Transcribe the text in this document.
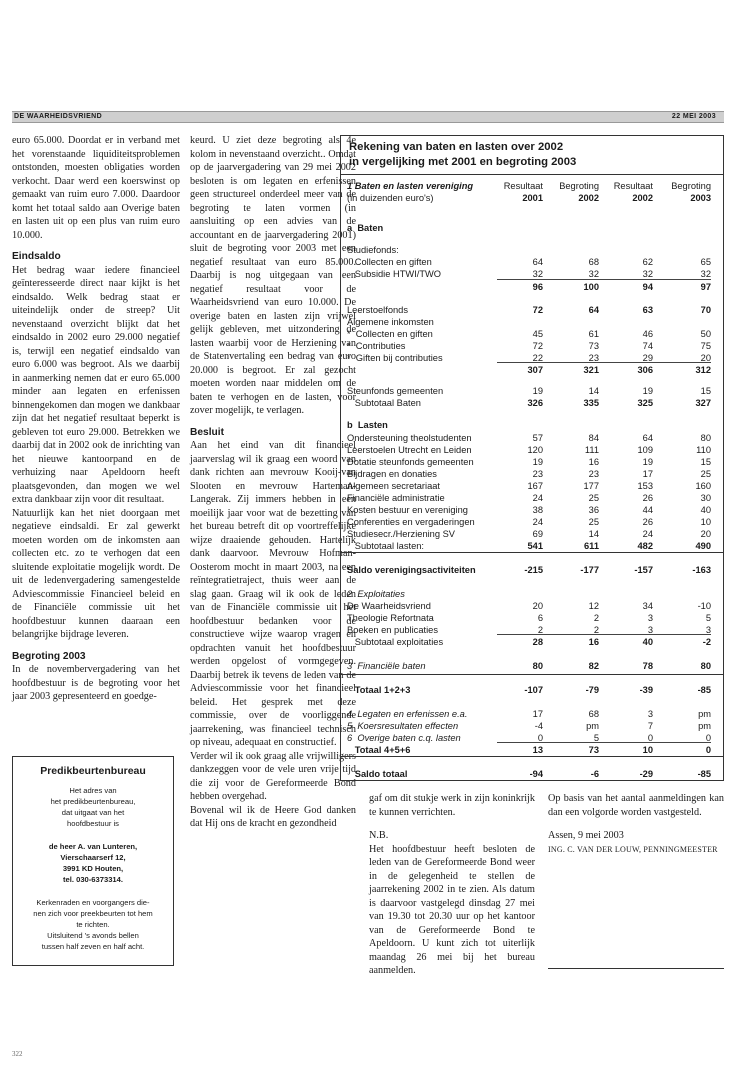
DE WAARHEIDSVRIEND	22 MEI 2003

euro 65.000. Doordat er in verband met het vorenstaande liquiditeitsproblemen ontstonden, moesten obligaties worden verkocht. Daar werd een koerswinst op gemaakt van ruim euro 7.000. Daardoor komt het totaal saldo aan Overige baten en lasten uit op een plus van ruim euro 10.000.

Eindsaldo

Het bedrag waar iedere financieel geïnteresseerde direct naar kijkt is het eindsaldo. Welk bedrag staat er uiteindelijk onder de streep? Uit nevenstaand overzicht blijkt dat het eindsaldo in 2002 euro 29.000 negatief is, terwijl een negatief eindsaldo van euro 6.000 was begroot. Als we daarbij in aanmerking nemen dat er euro 65.000 minder aan legaten en erfenissen binnengekomen dan mogen we dankbaar zijn dat het negatief resultaat beperkt is gebleven tot euro 29.000. Betrekken we daarbij dat in 2002 ook de inrichting van het nieuwe kantoorpand en de verhuizing naar Apeldoorn heeft plaatsgevonden, dan mogen we wel extra dankbaar zijn voor dit resultaat.

Natuurlijk kan het niet doorgaan met negatieve eindsaldi. Er zal gewerkt moeten worden om de inkomsten aan collecten etc. zo te verhogen dat een sluitende exploitatie mogelijk wordt. De uit de ledenvergadering samengestelde Adviescommissie Financieel beleid en de Financiële commissie uit het hoofdbestuur kunnen daaraan een belangrijke bijdrage leveren.

Begroting 2003

In de novembervergadering van het hoofdbestuur is de begroting voor het jaar 2003 gepresenteerd en goedge-

keurd. U ziet deze begroting als 4e kolom in nevenstaand overzicht.. Omdat op de jaarvergadering van 29 mei 2002 besloten is om legaten en erfenissen geen structureel onderdeel meer van de begroting te laten vormen (in aansluiting op een advies van de accountant en de jaarvergadering 2001) sluit de begroting voor 2003 met een negatief resultaat van euro 85.000. Daarbij is nog uitgegaan van een negatief resultaat voor de Waarheidsvriend van euro 10.000. De overige baten en lasten zijn vrijwel gelijk gebleven, met uitzondering de lasten waarbij voor de Herziening van de Statenvertaling een bedrag van euro 20.000 is begroot. Er zal gezocht moeten worden naar middelen om de baten te verhogen en de lasten, voor zover mogelijk, te verlagen.

Besluit

Aan het eind van dit financieel jaarverslag wil ik graag een woord van dank richten aan mevrouw Kooij-van Slooten en mevrouw Harteman-Langerak. Zij immers hebben in een moeilijk jaar voor wat de bezetting van het bureau betreft dit op voortreffelijke wijze draaiende gehouden. Hartelijk dank daarvoor. Mevrouw Hofman-Oosterom mocht in maart 2003, na een reïntegratietraject, thuis weer aan de slag gaan. Graag wil ik ook de leden van de Financiële commissie uit het hoofdbestuur bedanken voor de constructieve wijze waarop vragen en opdrachten vanuit het hoofdbestuur werden opgelost of vormgegeven. Daarbij betrek ik tevens de leden van de Adviescommissie voor het financieel beleid. Het gesprek met deze commissie, over de voorliggende jaarrekening, was financieel technisch op niveau, adequaat en constructief.

Verder wil ik ook graag alle vrijwilligers dankzeggen voor de vele uren vrije tijd die zij voor de Gereformeerde Bond hebben overgehad.

Bovenal wil ik de Heere God danken dat Hij ons de kracht en gezondheid

gaf om dit stukje werk in zijn koninkrijk te kunnen verrichten.

N.B.

Het hoofdbestuur heeft besloten de leden van de Gereformeerde Bond weer in de gelegenheid te stellen de jaarrekening 2002 in te zien. Als datum is daarvoor vastgelegd dinsdag 27 mei van 19.30 tot 20.30 uur op het kantoor van de Gereformeerde Bond te Apeldoorn. U kunt zich tot uiterlijk maandag 26 mei bij het bureau aanmelden.

Op basis van het aantal aanmeldingen kan dan een volgorde worden vastgesteld.

Assen, 9 mei 2003

ING. C. VAN DER LOUW, PENNINGMEESTER

Rekening van baten en lasten over 2002
in vergelijking met 2001 en begroting 2003
1 Baten en lasten vereniging	Resultaat	Begroting	Resultaat	Begroting
(in duizenden euro's)	2001	2002	2002	2003
a  Baten
Studiefonds:
Collecten en giften	64	68	62	65
Subsidie HTWI/TWO	32	32	32	32
96	100	94	97
Leerstoelfonds	72	64	63	70
Algemene inkomsten
*  Collecten en giften	45	61	46	50
*  Contributies	72	73	74	75
*  Giften bij contributies	22	23	29	20
307	321	306	312
Steunfonds gemeenten	19	14	19	15
Subtotaal Baten	326	335	325	327
b  Lasten
Ondersteuning theolstudenten	57	84	64	80
Leerstoelen Utrecht en Leiden	120	111	109	110
Dotatie steunfonds gemeenten	19	16	19	15
Bijdragen en donaties	23	23	17	25
Algemeen secretariaat	167	177	153	160
Financiële administratie	24	25	26	30
Kosten bestuur en vereniging	38	36	44	40
Conferenties en vergaderingen	24	25	26	10
Studiesecr./Herziening SV	69	14	24	20
Subtotaal lasten:	541	611	482	490
Saldo verenigingsactiviteiten	-215	-177	-157	-163
2  Exploitaties
De Waarheidsvriend	20	12	34	-10
Theologie Refortnata	6	2	3	5
Boeken en publicaties	2	2	3	3
Subtotaal exploitaties	28	16	40	-2
3  Financiële baten	80	82	78	80
Totaal 1+2+3	-107	-79	-39	-85
4  Legaten en erfenissen e.a.	17	68	3	pm
5  Koersresultaten effecten	-4	pm	7	pm
6  Overige baten c.q. lasten	0	5	0	0
Totaal 4+5+6	13	73	10	0
Saldo totaal	-94	-6	-29	-85
Predikbeurtenbureau

Het adres van

het predikbeurtenbureau,

dat uitgaat van het

hoofdbestuur is

de heer A. van Lunteren,

Vierschaarserf 12,

3991 KD Houten,

tel. 030-6373314.

Kerkenraden en voorgangers die-

nen zich voor preekbeurten tot hem

te richten.

Uitsluitend 's avonds bellen

tussen half zeven en half acht.

322
